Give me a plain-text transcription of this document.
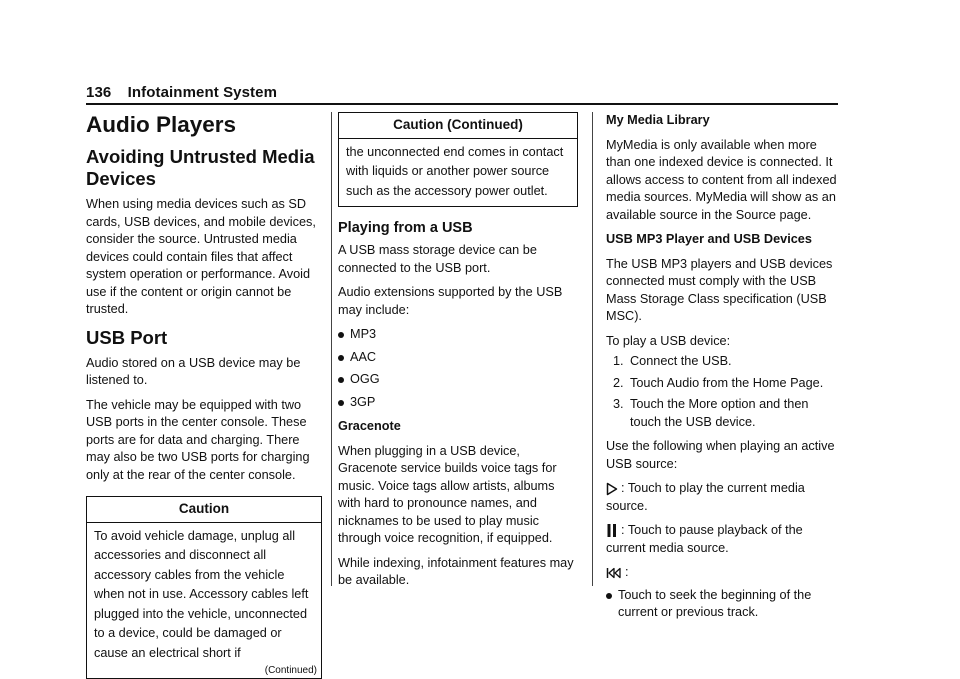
136 Infotainment System
Audio Players
Avoiding Untrusted Media Devices

When using media devices such as SD cards, USB devices, and mobile devices, consider the source. Untrusted media devices could contain files that affect system operation or performance. Avoid use if the content or origin cannot be trusted.

USB Port

Audio stored on a USB device may be listened to.

The vehicle may be equipped with two USB ports in the center console. These ports are for data and charging. There may also be two USB ports for charging only at the rear of the center console.

Caution
To avoid vehicle damage, unplug all accessories and disconnect all accessory cables from the vehicle when not in use. Accessory cables left plugged into the vehicle, unconnected to a device, could be damaged or cause an electrical short if
(Continued)
Caution (Continued)
the unconnected end comes in contact with liquids or another power source such as the accessory power outlet.
Playing from a USB

A USB mass storage device can be connected to the USB port.

Audio extensions supported by the USB may include:

MP3
AAC
OGG
3GP
Gracenote

When plugging in a USB device, Gracenote service builds voice tags for music. Voice tags allow artists, albums with hard to pronounce names, and nicknames to be used to play music through voice recognition, if equipped.

While indexing, infotainment features may be available.

My Media Library

MyMedia is only available when more than one indexed device is connected. It allows access to content from all indexed media sources. MyMedia will show as an available source in the Source page.

USB MP3 Player and USB Devices

The USB MP3 players and USB devices connected must comply with the USB Mass Storage Class specification (USB MSC).

To play a USB device:

1. Connect the USB.
2. Touch Audio from the Home Page.
3. Touch the More option and then touch the USB device.

Use the following when playing an active USB source:

: Touch to play the current media source.
: Touch to pause playback of the current media source.
:
Touch to seek the beginning of the current or previous track.
